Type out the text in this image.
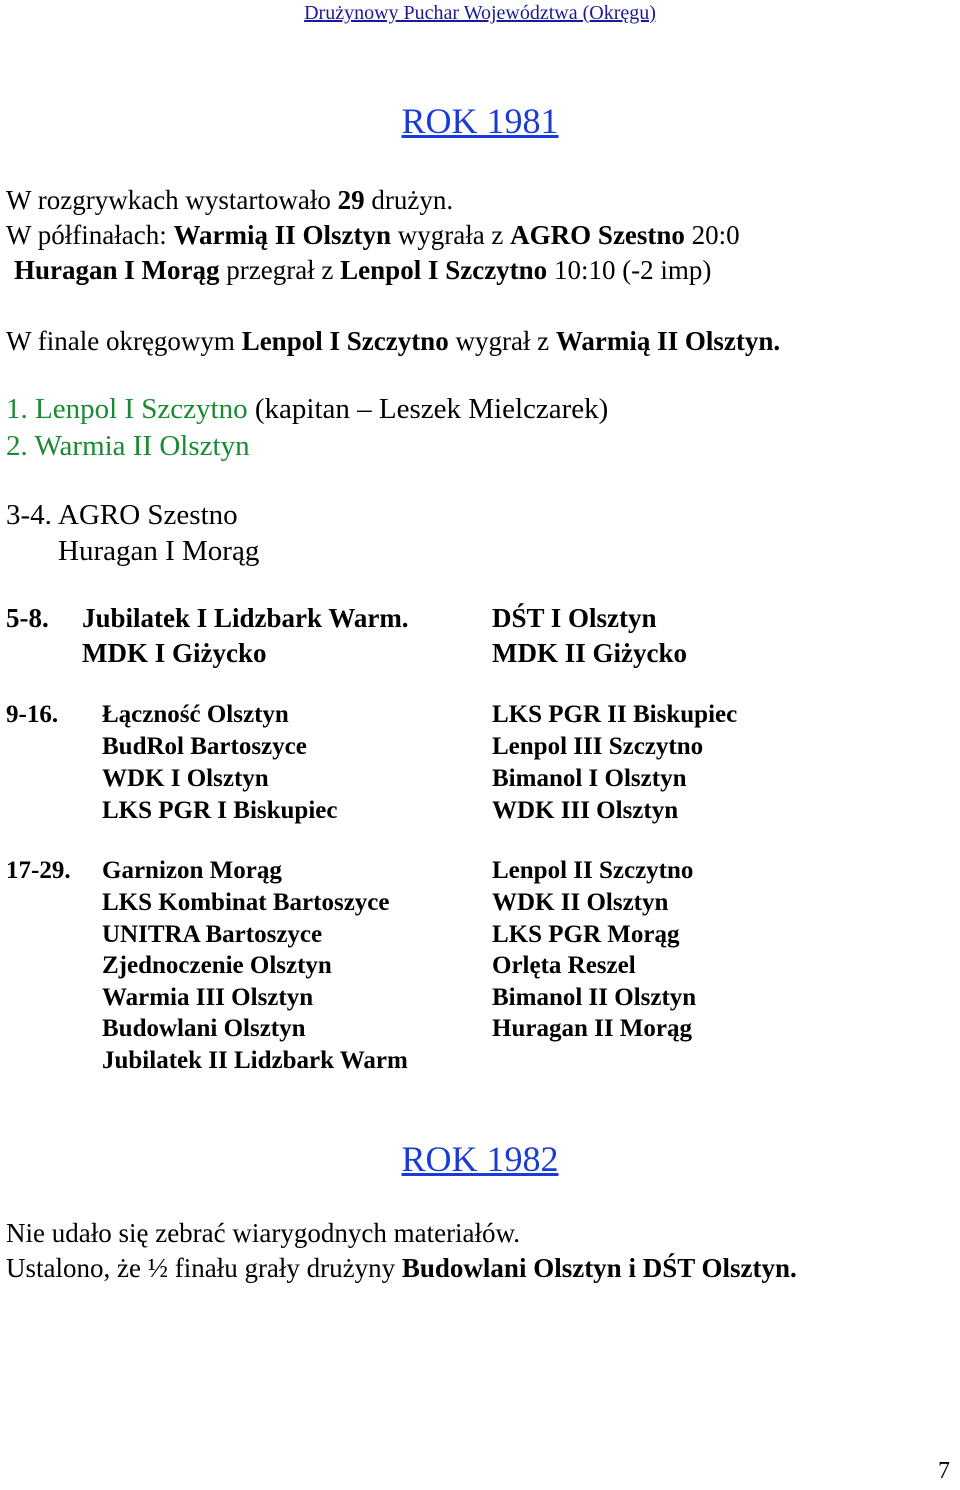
Drużynowy Puchar Województwa (Okręgu)
ROK 1981
W rozgrywkach wystartowało 29 drużyn.
W półfinałach: Warmią II Olsztyn wygrała z AGRO Szestno 20:0
Huragan I Morąg przegrał z Lenpol I Szczytno 10:10 (-2 imp)
W finale okręgowym Lenpol I Szczytno wygrał z Warmią II Olsztyn.
1. Lenpol I Szczytno (kapitan – Leszek Mielczarek)
2. Warmia II Olsztyn
3-4. AGRO Szestno
Huragan I Morąg
5-8. Jubilatek I Lidzbark Warm.
MDK I Giżycko
DŚT I Olsztyn
MDK II Giżycko
9-16. Łączność Olsztyn
BudRol Bartoszyce
WDK I Olsztyn
LKS PGR I Biskupiec
LKS PGR II Biskupiec
Lenpol III Szczytno
Bimanol I Olsztyn
WDK III Olsztyn
17-29. Garnizon Morąg
LKS Kombinat Bartoszyce
UNITRA Bartoszyce
Zjednoczenie Olsztyn
Warmia III Olsztyn
Budowlani Olsztyn
Jubilatek II Lidzbark Warm
Lenpol II Szczytno
WDK II Olsztyn
LKS PGR Morąg
Orlęta Reszel
Bimanol II Olsztyn
Huragan II Morąg
ROK 1982
Nie udało się zebrać wiarygodnych materiałów.
Ustalono, że ½ finału grały drużyny Budowlani Olsztyn i DŚT Olsztyn.
7
